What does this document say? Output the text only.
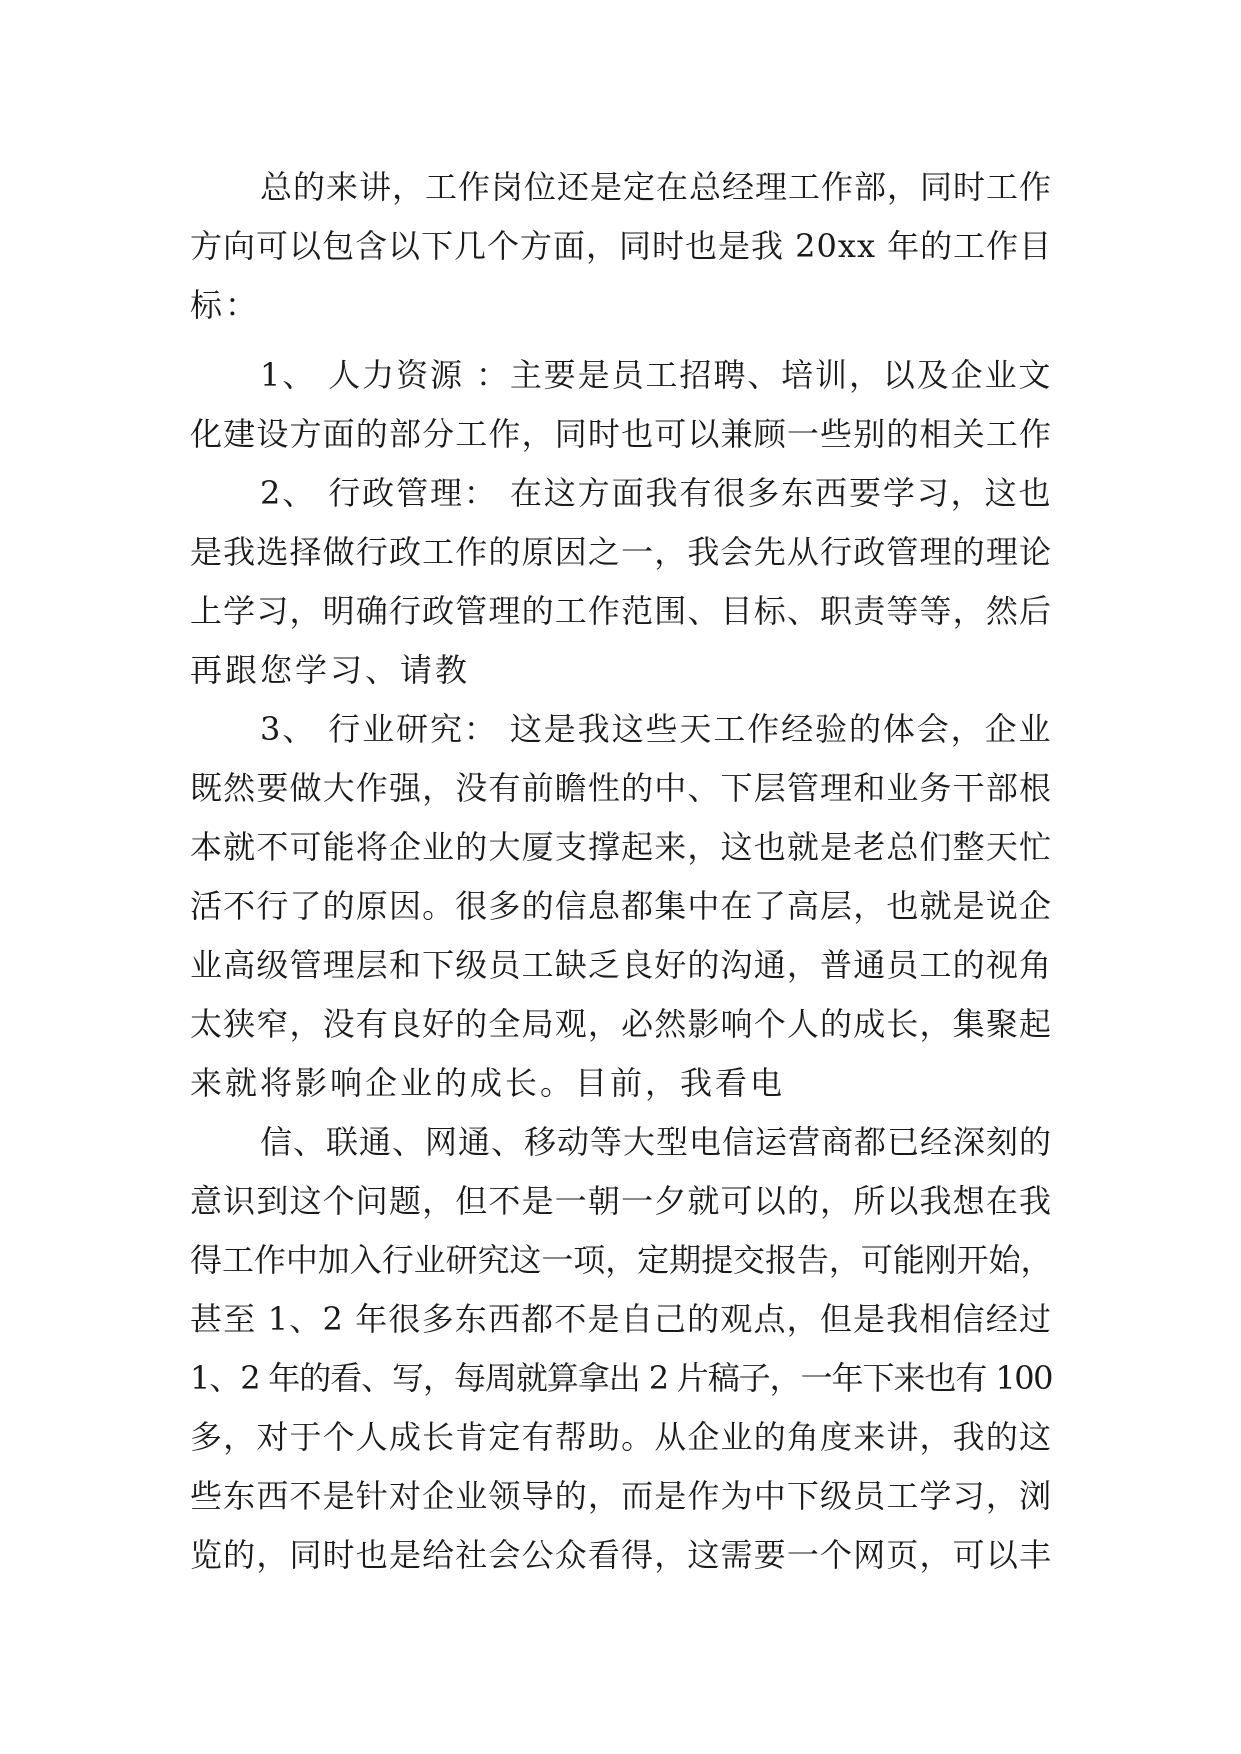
总的来讲，工作岗位还是定在总经理工作部，同时工作
方向可以包含以下几个方面，同时也是我 20xx 年的工作目
标：
1、 人力资源 ：主要是员工招聘、培训，以及企业文
化建设方面的部分工作，同时也可以兼顾一些别的相关工作
2、 行政管理： 在这方面我有很多东西要学习，这也
是我选择做行政工作的原因之一，我会先从行政管理的理论
上学习，明确行政管理的工作范围、目标、职责等等，然后
再跟您学习、请教
3、 行业研究： 这是我这些天工作经验的体会，企业
既然要做大作强，没有前瞻性的中、下层管理和业务干部根
本就不可能将企业的大厦支撑起来，这也就是老总们整天忙
活不行了的原因。很多的信息都集中在了高层，也就是说企
业高级管理层和下级员工缺乏良好的沟通，普通员工的视角
太狭窄，没有良好的全局观，必然影响个人的成长，集聚起
来就将影响企业的成长。目前，我看电
信、联通、网通、移动等大型电信运营商都已经深刻的
意识到这个问题，但不是一朝一夕就可以的，所以我想在我
得工作中加入行业研究这一项，定期提交报告，可能刚开始，
甚至 1、2 年很多东西都不是自己的观点，但是我相信经过
1、2 年的看、写，每周就算拿出 2 片稿子，一年下来也有 100
多，对于个人成长肯定有帮助。从企业的角度来讲，我的这
些东西不是针对企业领导的，而是作为中下级员工学习，浏
览的，同时也是给社会公众看得，这需要一个网页，可以丰
